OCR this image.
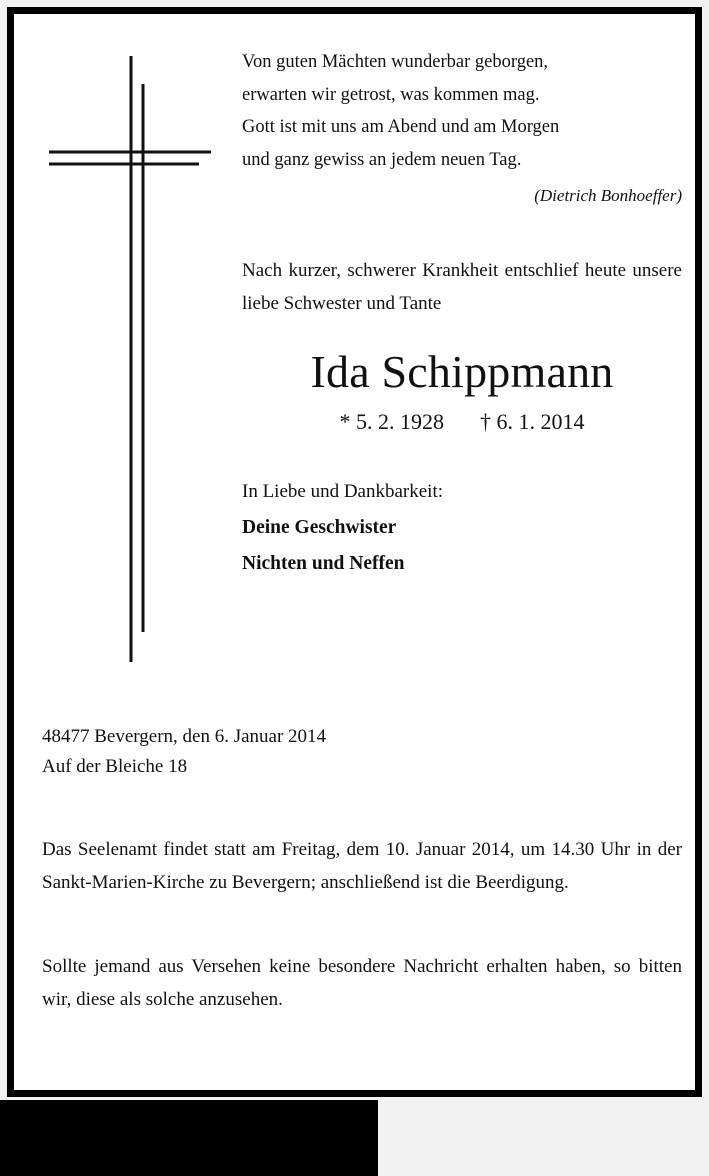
Von guten Mächten wunderbar geborgen,
erwarten wir getrost, was kommen mag.
Gott ist mit uns am Abend und am Morgen
und ganz gewiss an jedem neuen Tag.
(Dietrich Bonhoeffer)
Nach kurzer, schwerer Krankheit entschlief heute unsere liebe Schwester und Tante
Ida Schippmann
* 5. 2. 1928 † 6. 1. 2014
In Liebe und Dankbarkeit:
Deine Geschwister
Nichten und Neffen
48477 Bevergern, den 6. Januar 2014
Auf der Bleiche 18
Das Seelenamt findet statt am Freitag, dem 10. Januar 2014, um 14.30 Uhr in der Sankt-Marien-Kirche zu Bevergern; anschließend ist die Beerdigung.
Sollte jemand aus Versehen keine besondere Nachricht erhalten haben, so bitten wir, diese als solche anzusehen.
